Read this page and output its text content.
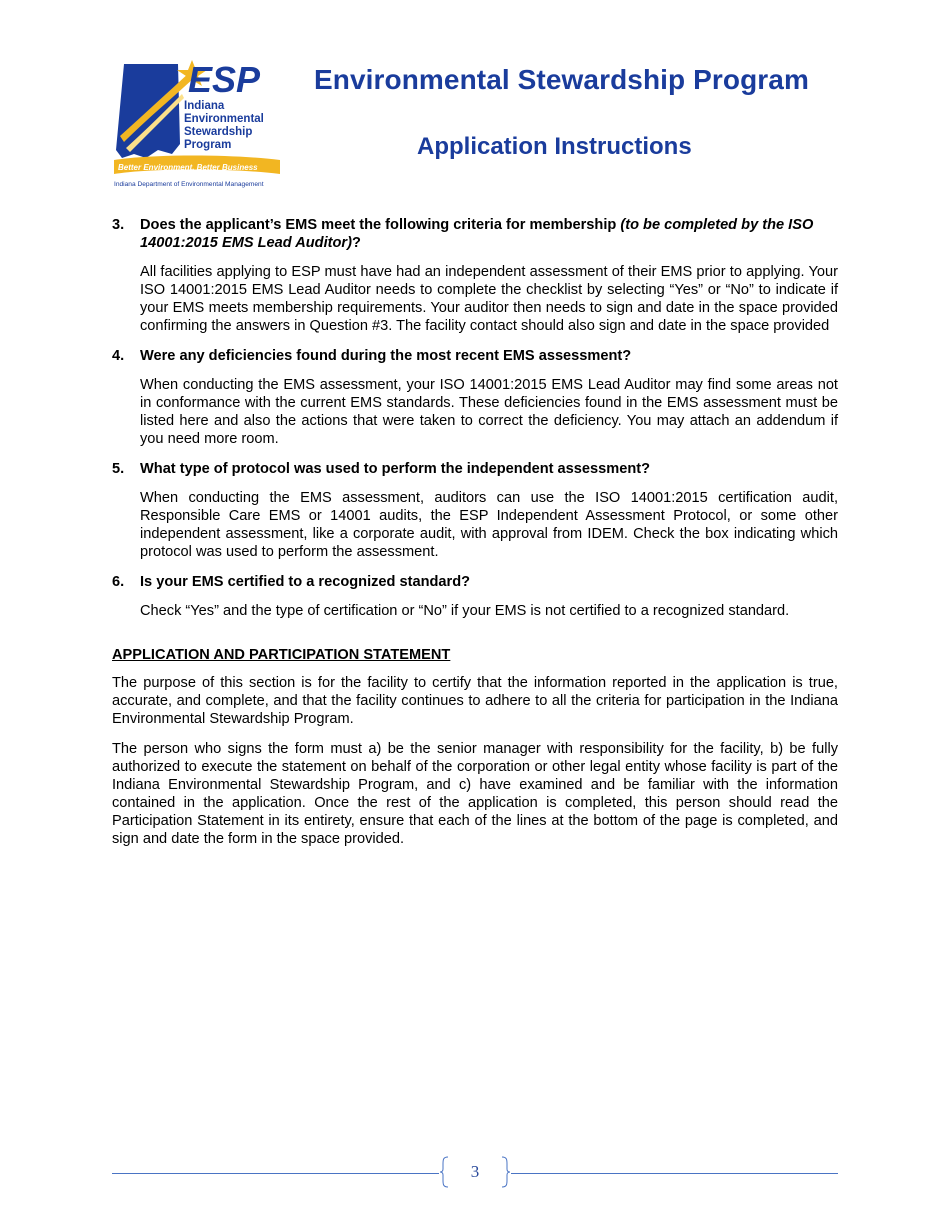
ESP
Indiana
Environmental
Stewardship
Program
Better Environment, Better Business
Indiana Department of Environmental Management
Environmental Stewardship Program
Application Instructions

3. Does the applicant’s EMS meet the following criteria for membership (to be completed by the ISO 14001:2015 EMS Lead Auditor)?

All facilities applying to ESP must have had an independent assessment of their EMS prior to applying. Your ISO 14001:2015 EMS Lead Auditor needs to complete the checklist by selecting “Yes” or “No” to indicate if your EMS meets membership requirements. Your auditor then needs to sign and date in the space provided confirming the answers in Question #3. The facility contact should also sign and date in the space provided

4. Were any deficiencies found during the most recent EMS assessment?

When conducting the EMS assessment, your ISO 14001:2015 EMS Lead Auditor may find some areas not in conformance with the current EMS standards. These deficiencies found in the EMS assessment must be listed here and also the actions that were taken to correct the deficiency. You may attach an addendum if you need more room.

5. What type of protocol was used to perform the independent assessment?

When conducting the EMS assessment, auditors can use the ISO 14001:2015 certification audit, Responsible Care EMS or 14001 audits, the ESP Independent Assessment Protocol, or some other independent assessment, like a corporate audit, with approval from IDEM. Check the box indicating which protocol was used to perform the assessment.

6. Is your EMS certified to a recognized standard?

Check “Yes” and the type of certification or “No” if your EMS is not certified to a recognized standard.

APPLICATION AND PARTICIPATION STATEMENT

The purpose of this section is for the facility to certify that the information reported in the application is true, accurate, and complete, and that the facility continues to adhere to all the criteria for participation in the Indiana Environmental Stewardship Program.

The person who signs the form must a) be the senior manager with responsibility for the facility, b) be fully authorized to execute the statement on behalf of the corporation or other legal entity whose facility is part of the Indiana Environmental Stewardship Program, and c) have examined and be familiar with the information contained in the application. Once the rest of the application is completed, this person should read the Participation Statement in its entirety, ensure that each of the lines at the bottom of the page is completed, and sign and date the form in the space provided.

3
